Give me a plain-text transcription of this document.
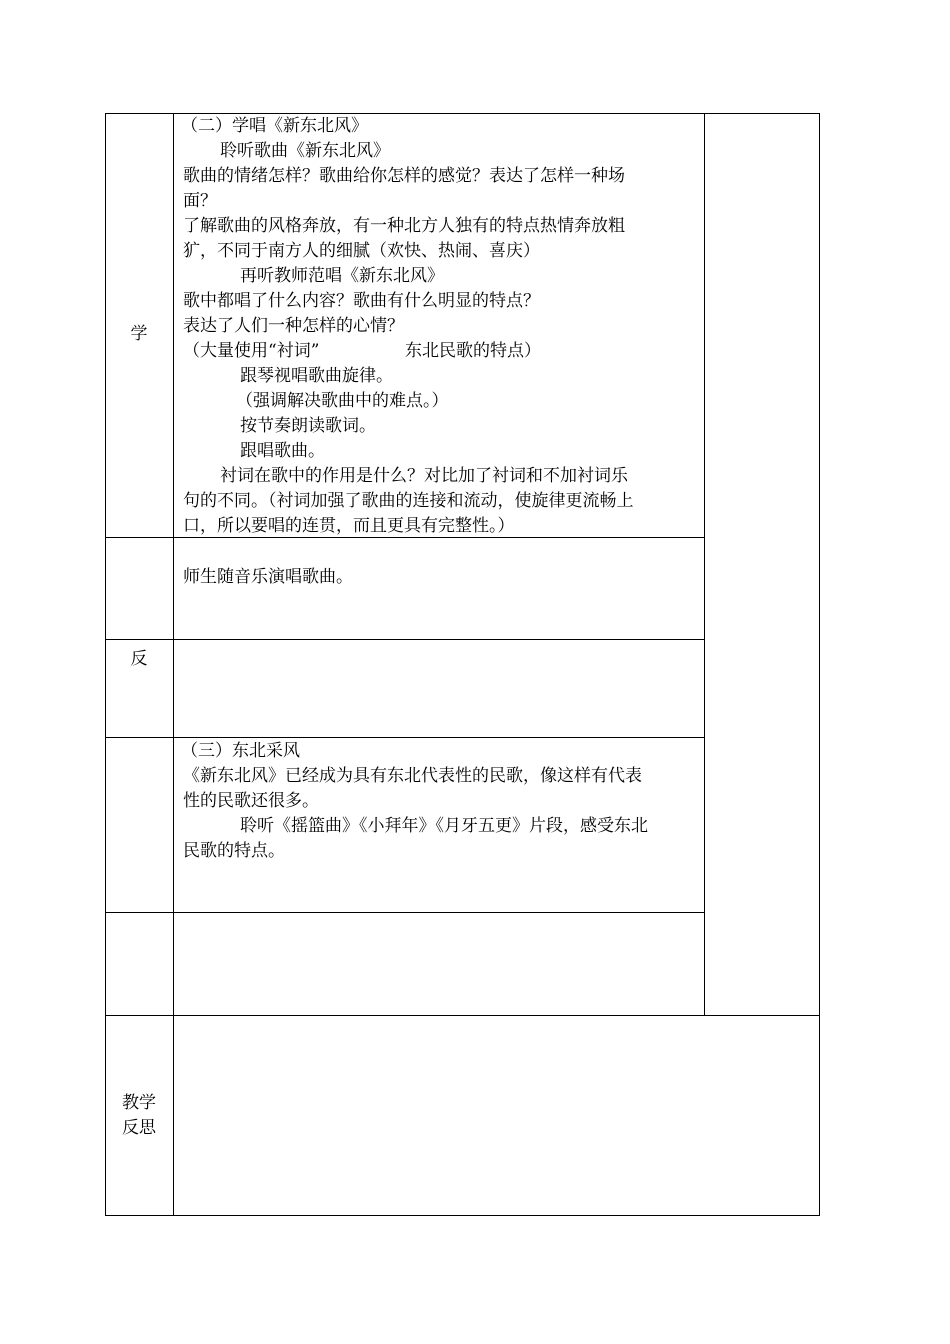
学
反
教学
反思
（二）学唱《新东北风》
聆听歌曲《新东北风》
歌曲的情绪怎样？歌曲给你怎样的感觉？表达了怎样一种场
面？
了解歌曲的风格奔放，有一种北方人独有的特点热情奔放粗
犷，不同于南方人的细腻（欢快、热闹、喜庆）
再听教师范唱《新东北风》
歌中都唱了什么内容？歌曲有什么明显的特点？
表达了人们一种怎样的心情？
（大量使用“衬词”	东北民歌的特点）
跟琴视唱歌曲旋律。
（强调解决歌曲中的难点。）
按节奏朗读歌词。
跟唱歌曲。
衬词在歌中的作用是什么？对比加了衬词和不加衬词乐
句的不同。（衬词加强了歌曲的连接和流动，使旋律更流畅上
口，所以要唱的连贯，而且更具有完整性。）
师生随音乐演唱歌曲。
（三）东北采风
《新东北风》已经成为具有东北代表性的民歌，像这样有代表
性的民歌还很多。
聆听《摇篮曲》《小拜年》《月牙五更》片段，感受东北
民歌的特点。
